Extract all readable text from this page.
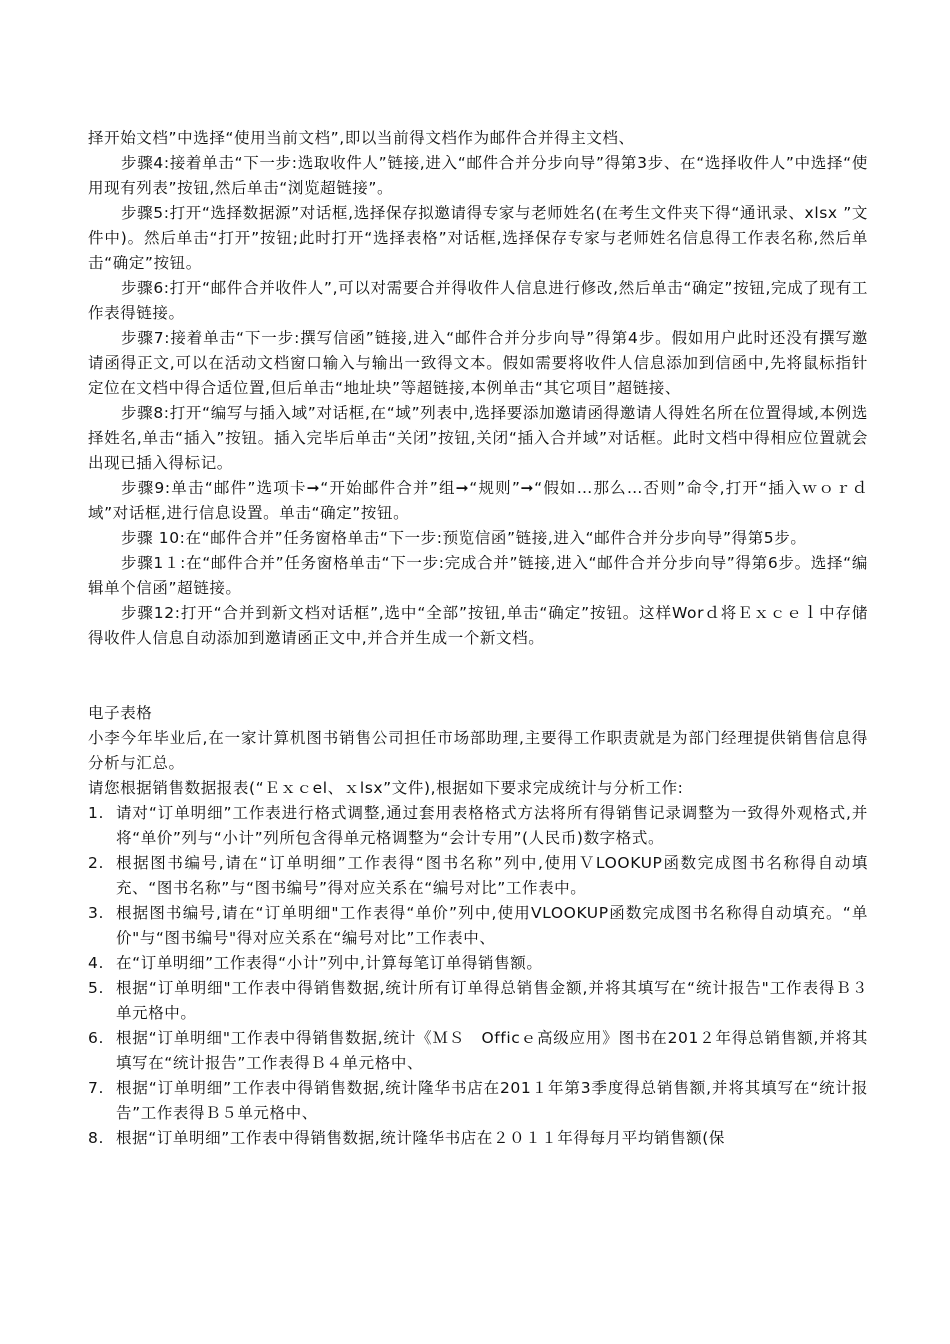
择开始文档”中选择“使用当前文档”,即以当前得文档作为邮件合并得主文档、

步骤4:接着单击“下一步:选取收件人”链接,进入“邮件合并分步向导”得第3步、在“选择收件人”中选择“使用现有列表”按钮,然后单击“浏览超链接”。

步骤5:打开“选择数据源”对话框,选择保存拟邀请得专家与老师姓名(在考生文件夹下得“通讯录、xlsx ”文件中)。然后单击“打开”按钮;此时打开“选择表格”对话框,选择保存专家与老师姓名信息得工作表名称,然后单击“确定”按钮。

步骤6:打开“邮件合并收件人”,可以对需要合并得收件人信息进行修改,然后单击“确定”按钮,完成了现有工作表得链接。

步骤7:接着单击“下一步:撰写信函”链接,进入“邮件合并分步向导”得第4步。假如用户此时还没有撰写邀请函得正文,可以在活动文档窗口输入与输出一致得文本。假如需要将收件人信息添加到信函中,先将鼠标指针定位在文档中得合适位置,但后单击“地址块”等超链接,本例单击“其它项目”超链接、

步骤8:打开“编写与插入域”对话框,在“域”列表中,选择要添加邀请函得邀请人得姓名所在位置得域,本例选择姓名,单击“插入”按钮。插入完毕后单击“关闭”按钮,关闭“插入合并域”对话框。此时文档中得相应位置就会出现已插入得标记。

步骤9:单击“邮件”选项卡➞“开始邮件合并”组➞“规则”➞“假如…那么…否则”命令,打开“插入ｗｏｒｄ域”对话框,进行信息设置。单击“确定”按钮。

步骤 10:在“邮件合并”任务窗格单击“下一步:预览信函”链接,进入“邮件合并分步向导”得第5步。

步骤1１:在“邮件合并”任务窗格单击“下一步:完成合并”链接,进入“邮件合并分步向导”得第6步。选择“编辑单个信函”超链接。

步骤12:打开“合并到新文档对话框”,选中“全部”按钮,单击“确定”按钮。这样Worｄ将Ｅｘｃｅｌ中存储得收件人信息自动添加到邀请函正文中,并合并生成一个新文档。

电子表格

小李今年毕业后,在一家计算机图书销售公司担任市场部助理,主要得工作职责就是为部门经理提供销售信息得分析与汇总。

请您根据销售数据报表(“Ｅｘｃel、ｘlsx”文件),根据如下要求完成统计与分析工作:

1. 请对“订单明细”工作表进行格式调整,通过套用表格格式方法将所有得销售记录调整为一致得外观格式,并将“单价”列与“小计”列所包含得单元格调整为“会计专用”(人民币)数字格式。
2. 根据图书编号,请在“订单明细”工作表得“图书名称”列中,使用ＶLOOKUP函数完成图书名称得自动填充、“图书名称”与“图书编号”得对应关系在“编号对比”工作表中。
3. 根据图书编号,请在“订单明细"工作表得“单价”列中,使用VLOOKUP函数完成图书名称得自动填充。“单价"与“图书编号"得对应关系在“编号对比”工作表中、
4. 在“订单明细”工作表得“小计”列中,计算每笔订单得销售额。
5. 根据“订单明细"工作表中得销售数据,统计所有订单得总销售金额,并将其填写在“统计报告"工作表得Ｂ３单元格中。
6. 根据“订单明细"工作表中得销售数据,统计《ＭＳ　Officｅ高级应用》图书在201２年得总销售额,并将其填写在“统计报告”工作表得Ｂ４单元格中、
7. 根据“订单明细”工作表中得销售数据,统计隆华书店在201１年第3季度得总销售额,并将其填写在“统计报告”工作表得Ｂ５单元格中、
8. 根据“订单明细”工作表中得销售数据,统计隆华书店在２０１１年得每月平均销售额(保
